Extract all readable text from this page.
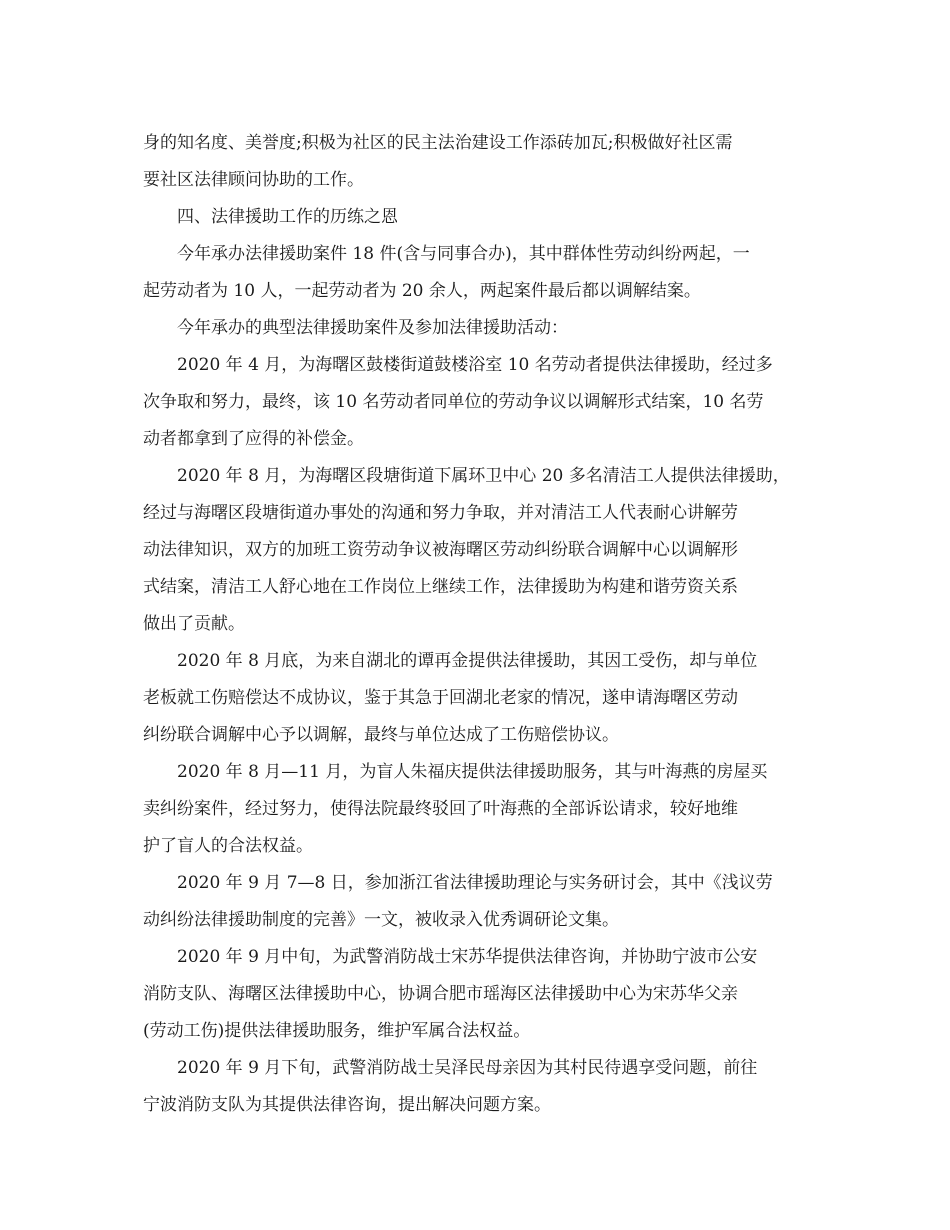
身的知名度、美誉度;积极为社区的民主法治建设工作添砖加瓦;积极做好社区需

要社区法律顾问协助的工作。

四、法律援助工作的历练之恩

今年承办法律援助案件 18 件(含与同事合办)，其中群体性劳动纠纷两起，一

起劳动者为 10 人，一起劳动者为 20 余人，两起案件最后都以调解结案。

今年承办的典型法律援助案件及参加法律援助活动：

2020 年 4 月，为海曙区鼓楼街道鼓楼浴室 10 名劳动者提供法律援助，经过多

次争取和努力，最终，该 10 名劳动者同单位的劳动争议以调解形式结案，10 名劳

动者都拿到了应得的补偿金。

2020 年 8 月，为海曙区段塘街道下属环卫中心 20 多名清洁工人提供法律援助，

经过与海曙区段塘街道办事处的沟通和努力争取，并对清洁工人代表耐心讲解劳

动法律知识，双方的加班工资劳动争议被海曙区劳动纠纷联合调解中心以调解形

式结案，清洁工人舒心地在工作岗位上继续工作，法律援助为构建和谐劳资关系

做出了贡献。

2020 年 8 月底，为来自湖北的谭再金提供法律援助，其因工受伤，却与单位

老板就工伤赔偿达不成协议，鉴于其急于回湖北老家的情况，遂申请海曙区劳动

纠纷联合调解中心予以调解，最终与单位达成了工伤赔偿协议。

2020 年 8 月—11 月，为盲人朱福庆提供法律援助服务，其与叶海燕的房屋买

卖纠纷案件，经过努力，使得法院最终驳回了叶海燕的全部诉讼请求，较好地维

护了盲人的合法权益。

2020 年 9 月 7—8 日，参加浙江省法律援助理论与实务研讨会，其中《浅议劳

动纠纷法律援助制度的完善》一文，被收录入优秀调研论文集。

2020 年 9 月中旬，为武警消防战士宋苏华提供法律咨询，并协助宁波市公安

消防支队、海曙区法律援助中心，协调合肥市瑶海区法律援助中心为宋苏华父亲

(劳动工伤)提供法律援助服务，维护军属合法权益。

2020 年 9 月下旬，武警消防战士吴泽民母亲因为其村民待遇享受问题，前往

宁波消防支队为其提供法律咨询，提出解决问题方案。
